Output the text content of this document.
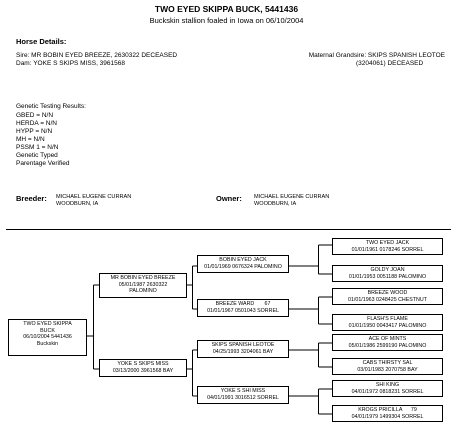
TWO EYED SKIPPA BUCK, 5441436
Buckskin stallion foaled in Iowa on 06/10/2004
Horse Details:
Sire: MR BOBIN EYED BREEZE, 2630322 DECEASED
Dam: YOKE S SKIPS MISS, 3961568
Maternal Grandsire: SKIPS SPANISH LEOTOE
(3204061) DECEASED
Genetic Testing Results:
GBED = N/N
HERDA = N/N
HYPP = N/N
MH = N/N
PSSM 1 = N/N
Genetic Typed
Parentage Verified
Breeder: MICHAEL EUGENE CURRAN
WOODBURN, IA
Owner: MICHAEL EUGENE CURRAN
WOODBURN, IA
TWO EYED SKIPPA
BUCK
06/10/2004 5441436
Buckskin
MR BOBIN EYED BREEZE
05/01/1987 2630322
PALOMINO
YOKE S SKIPS MISS
03/13/2000 3961568 BAY
BOBIN EYED JACK
01/01/1969 0676324 PALOMINO
BREEZE WARD       67
01/01/1967 0501043 SORREL
SKIPS SPANISH LEOTOE
04/25/1993 3204061 BAY
YOKE S SHI MISS
04/01/1991 3016512 SORREL
TWO EYED JACK
01/01/1961 0178246 SORREL
GOLDY JOAN
01/01/1953 0051188 PALOMINO
BREEZE WOOD
01/01/1963 0248425 CHESTNUT
FLASH'S FLAME
01/01/1950 0043417 PALOMINO
ACE OF MINTS
05/01/1986 2599190 PALOMINO
CABS THIRSTY SAL
03/01/1983 2070758 BAY
SHI KING
04/01/1972 0818231 SORREL
KROGS PRICILLA      79
04/01/1979 1499304 SORREL
